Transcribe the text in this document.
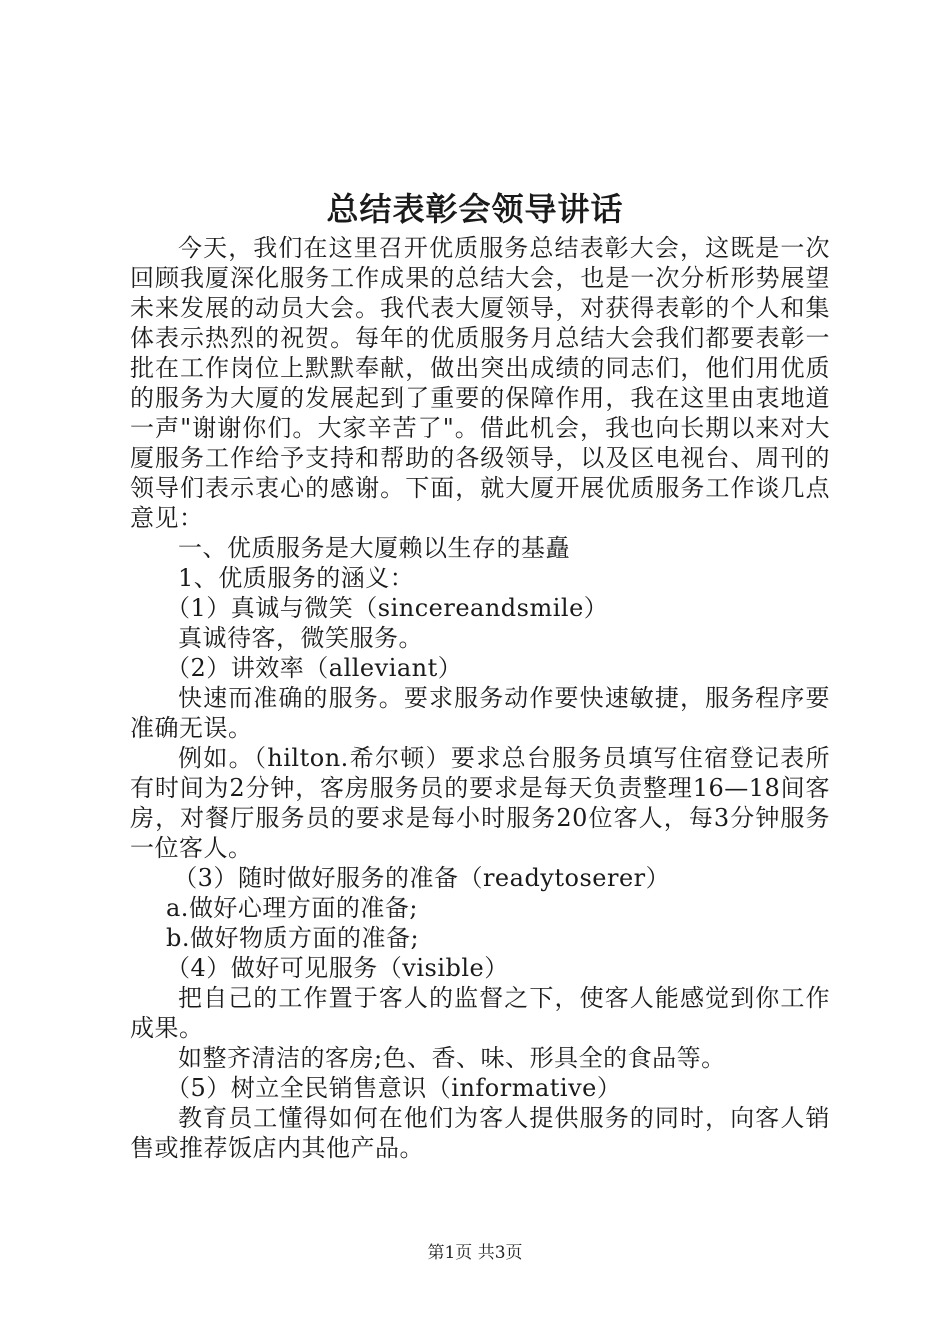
总结表彰会领导讲话

今天，我们在这里召开优质服务总结表彰大会，这既是一次回顾我厦深化服务工作成果的总结大会，也是一次分析形势展望未来发展的动员大会。我代表大厦领导，对获得表彰的个人和集体表示热烈的祝贺。每年的优质服务月总结大会我们都要表彰一批在工作岗位上默默奉献，做出突出成绩的同志们，他们用优质的服务为大厦的发展起到了重要的保障作用，我在这里由衷地道一声"谢谢你们。大家辛苦了"。借此机会，我也向长期以来对大厦服务工作给予支持和帮助的各级领导，以及区电视台、周刊的领导们表示衷心的感谢。下面，就大厦开展优质服务工作谈几点意见：

一、优质服务是大厦赖以生存的基矗

1、优质服务的涵义：

（1）真诚与微笑（sincereandsmile）

真诚待客，微笑服务。

（2）讲效率（alleviant）

快速而准确的服务。要求服务动作要快速敏捷，服务程序要准确无误。

例如。（hilton.希尔顿）要求总台服务员填写住宿登记表所有时间为2分钟，客房服务员的要求是每天负责整理16—18间客房，对餐厅服务员的要求是每小时服务20位客人，每3分钟服务一位客人。

（3）随时做好服务的准备（readytoserer）

a.做好心理方面的准备;

b.做好物质方面的准备;

（4）做好可见服务（visible）

把自己的工作置于客人的监督之下，使客人能感觉到你工作成果。

如整齐清洁的客房;色、香、味、形具全的食品等。

（5）树立全民销售意识（informative）

教育员工懂得如何在他们为客人提供服务的同时，向客人销售或推荐饭店内其他产品。

第1页 共3页
